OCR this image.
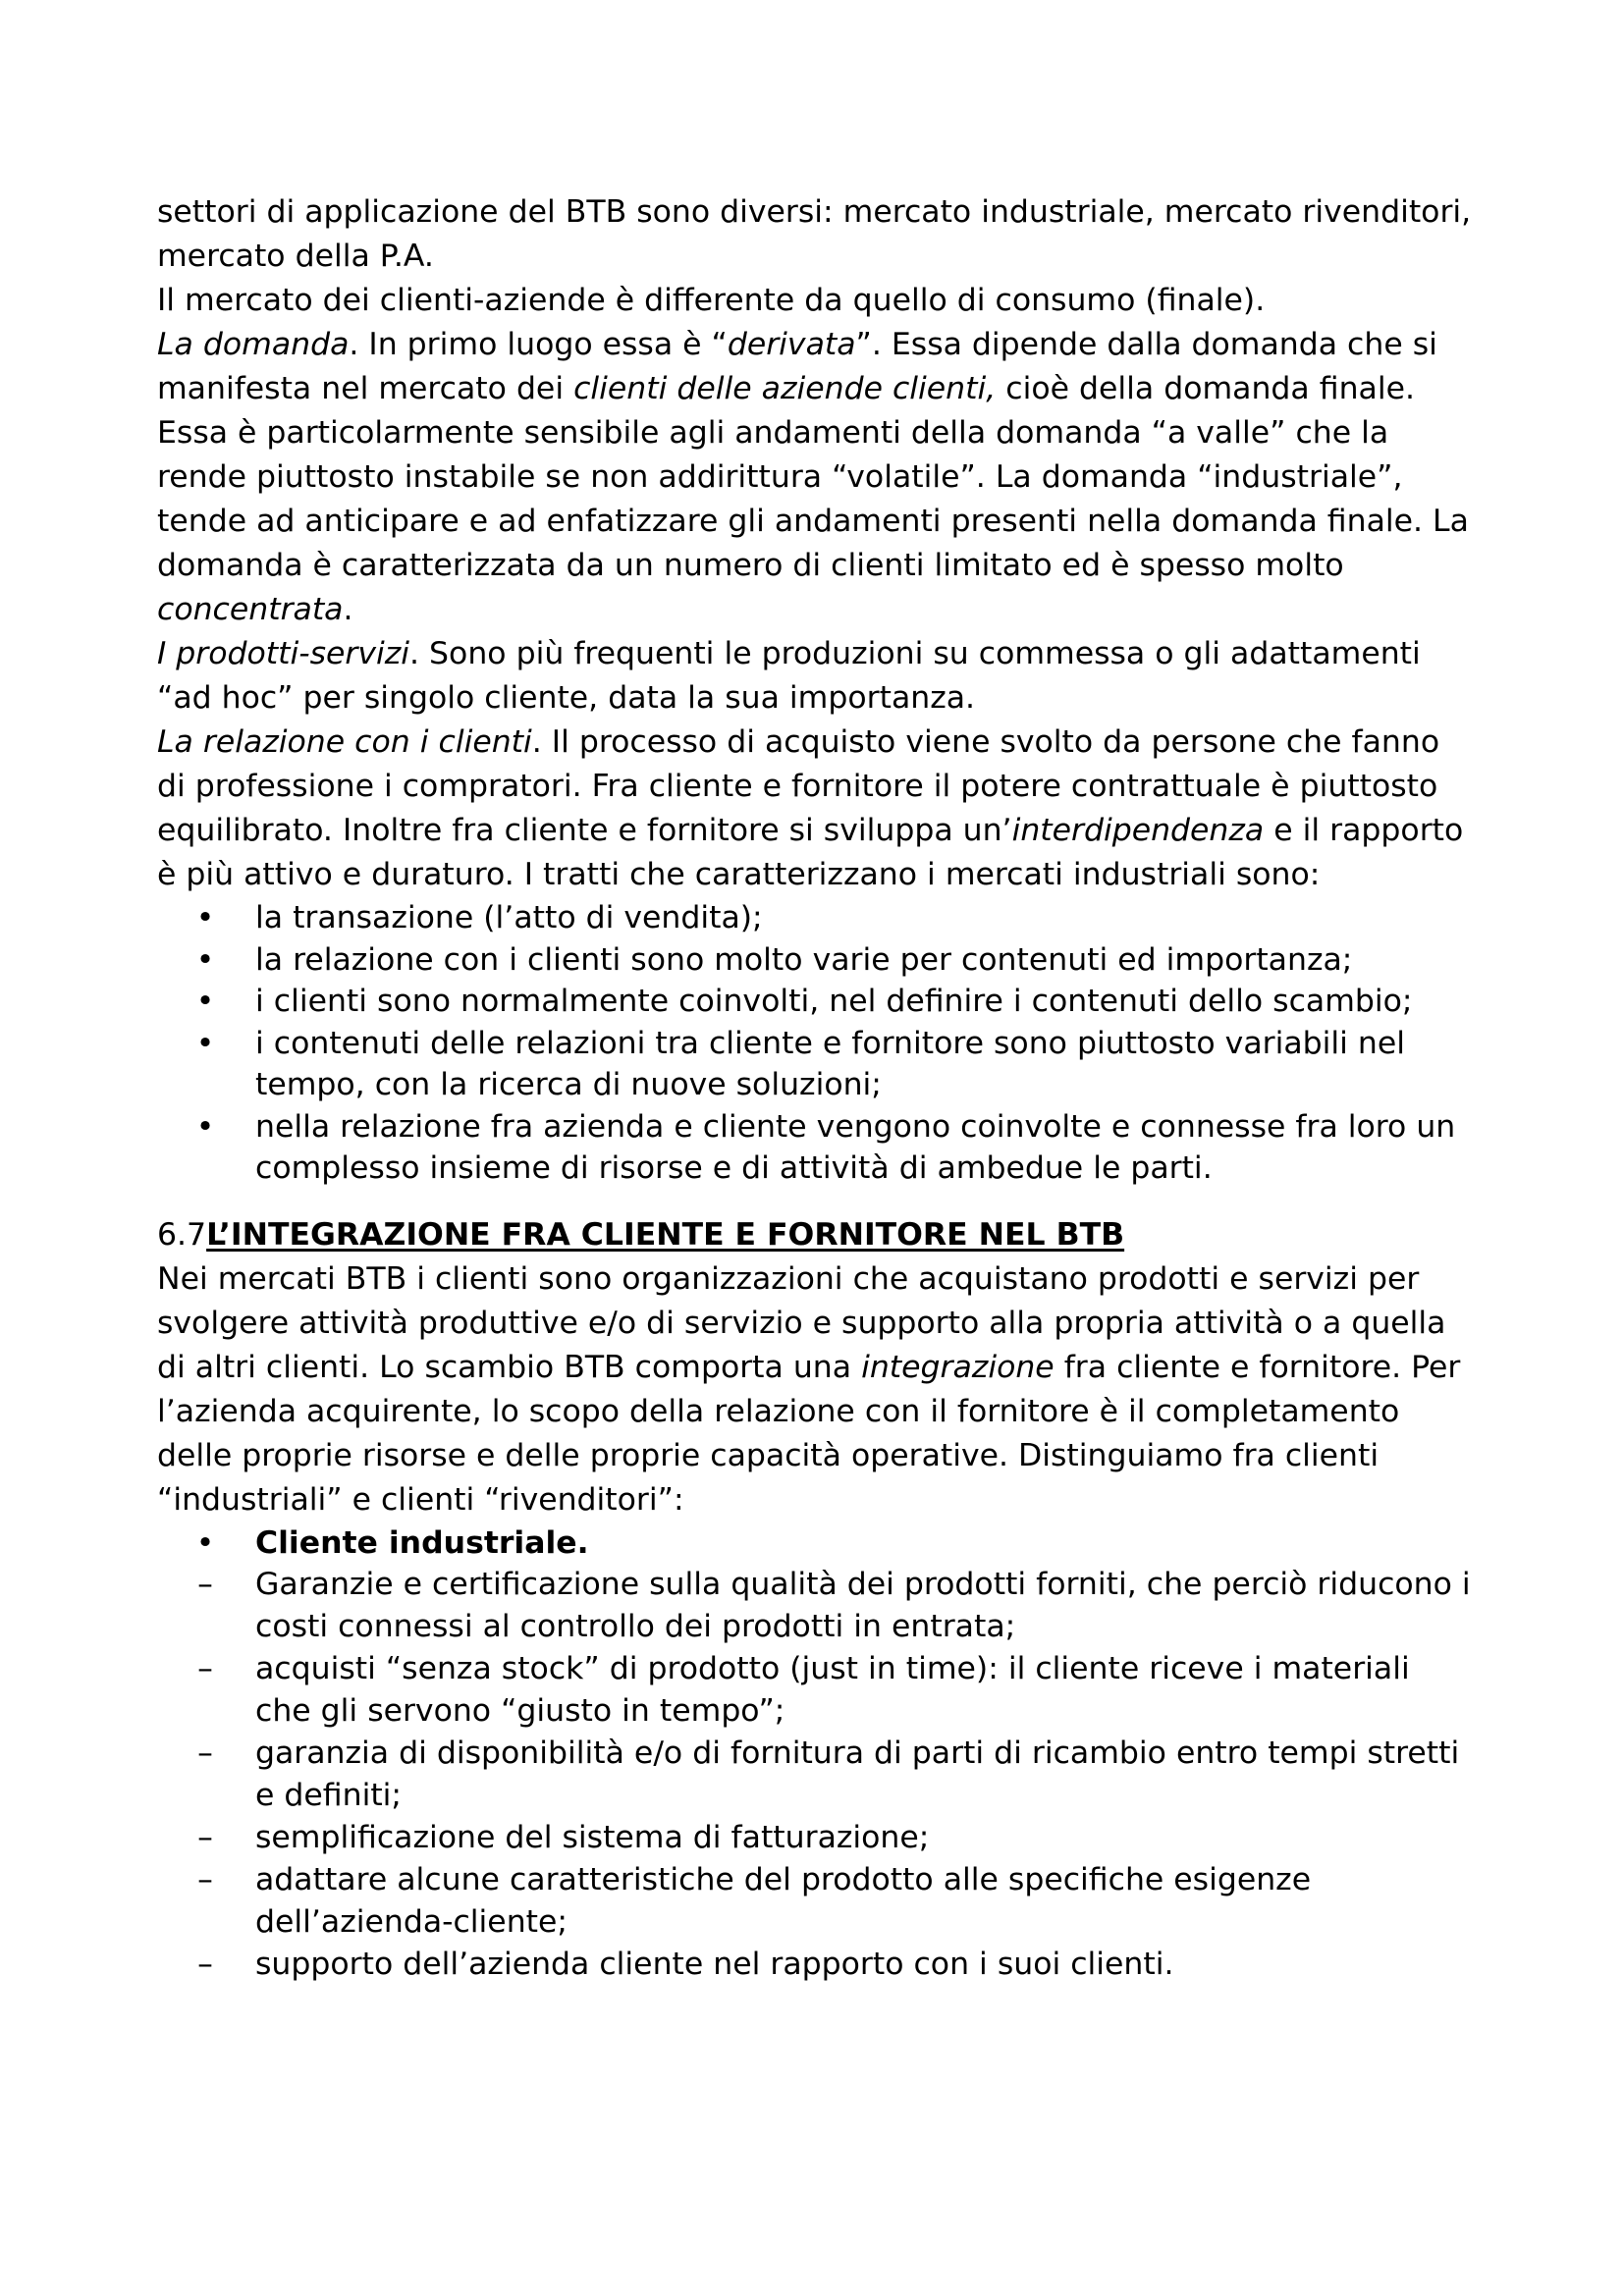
settori di applicazione del BTB sono diversi: mercato industriale, mercato rivenditori, mercato della P.A.

Il mercato dei clienti-aziende è differente da quello di consumo (finale).

La domanda. In primo luogo essa è “derivata”. Essa dipende dalla domanda che si manifesta nel mercato dei clienti delle aziende clienti, cioè della domanda finale.

Essa è particolarmente sensibile agli andamenti della domanda “a valle” che la rende piuttosto instabile se non addirittura “volatile”. La domanda “industriale”, tende ad anticipare e ad enfatizzare gli andamenti presenti nella domanda finale. La domanda è caratterizzata da un numero di clienti limitato ed è spesso molto concentrata.

I prodotti-servizi. Sono più frequenti le produzioni su commessa o gli adattamenti “ad hoc” per singolo cliente, data la sua importanza.

La relazione con i clienti. Il processo di acquisto viene svolto da persone che fanno di professione i compratori. Fra cliente e fornitore il potere contrattuale è piuttosto equilibrato. Inoltre fra cliente e fornitore si sviluppa un’interdipendenza e il rapporto è più attivo e duraturo. I tratti che caratterizzano i mercati industriali sono:

• la transazione (l’atto di vendita);
• la relazione con i clienti sono molto varie per contenuti ed importanza;
• i clienti sono normalmente coinvolti, nel definire i contenuti dello scambio;
• i contenuti delle relazioni tra cliente e fornitore sono piuttosto variabili nel tempo, con la ricerca di nuove soluzioni;
• nella relazione fra azienda e cliente vengono coinvolte e connesse fra loro un complesso insieme di risorse e di attività di ambedue le parti.

6.7L’INTEGRAZIONE FRA CLIENTE E FORNITORE NEL BTB

Nei mercati BTB i clienti sono organizzazioni che acquistano prodotti e servizi per svolgere attività produttive e/o di servizio e supporto alla propria attività o a quella di altri clienti. Lo scambio BTB comporta una integrazione fra cliente e fornitore. Per l’azienda acquirente, lo scopo della relazione con il fornitore è il completamento delle proprie risorse e delle proprie capacità operative. Distinguiamo fra clienti “industriali” e clienti “rivenditori”:

• Cliente industriale.
– Garanzie e certificazione sulla qualità dei prodotti forniti, che perciò riducono i costi connessi al controllo dei prodotti in entrata;
– acquisti “senza stock” di prodotto (just in time): il cliente riceve i materiali che gli servono “giusto in tempo”;
– garanzia di disponibilità e/o di fornitura di parti di ricambio entro tempi stretti e definiti;
– semplificazione del sistema di fatturazione;
– adattare alcune caratteristiche del prodotto alle specifiche esigenze dell’azienda-cliente;
– supporto dell’azienda cliente nel rapporto con i suoi clienti.
